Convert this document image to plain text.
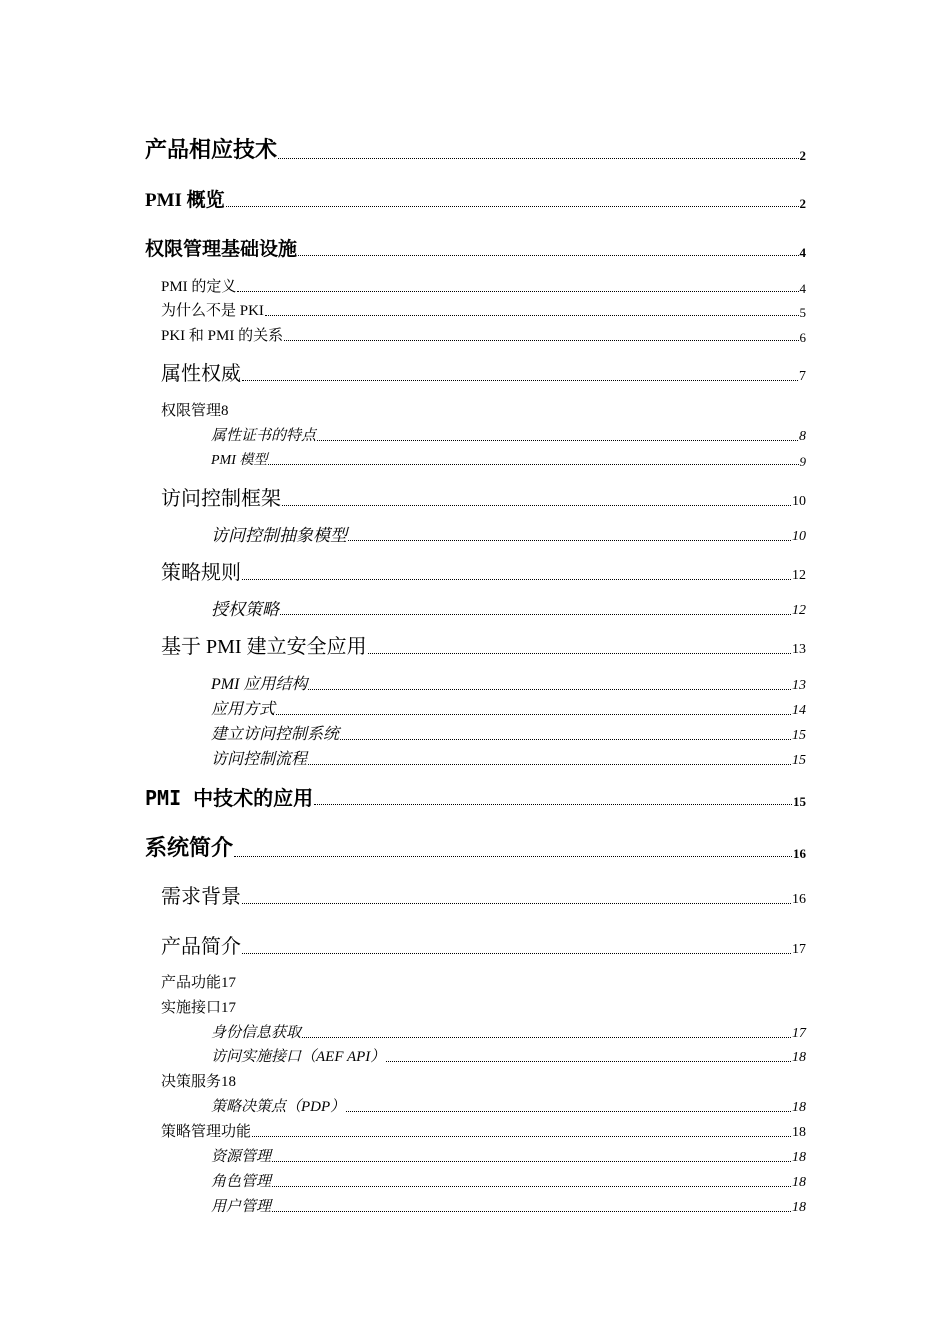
产品相应技术	2
PMI 概览	2
权限管理基础设施	4
PMI 的定义	4
为什么不是 PKI	5
PKI 和 PMI 的关系	6
属性权威	7
权限管理 8
属性证书的特点	8
PMI 模型	9
访问控制框架	10
访问控制抽象模型	10
策略规则	12
授权策略	12
基于 PMI 建立安全应用	13
PMI 应用结构	13
应用方式	14
建立访问控制系统	15
访问控制流程	15
PMI 中技术的应用	15
系统简介	16
需求背景	16
产品简介	17
产品功能 17
实施接口 17
身份信息获取	17
访问实施接口（AEF API）	18
决策服务 18
策略决策点（PDP）	18
策略管理功能	18
资源管理	18
角色管理	18
用户管理	18
